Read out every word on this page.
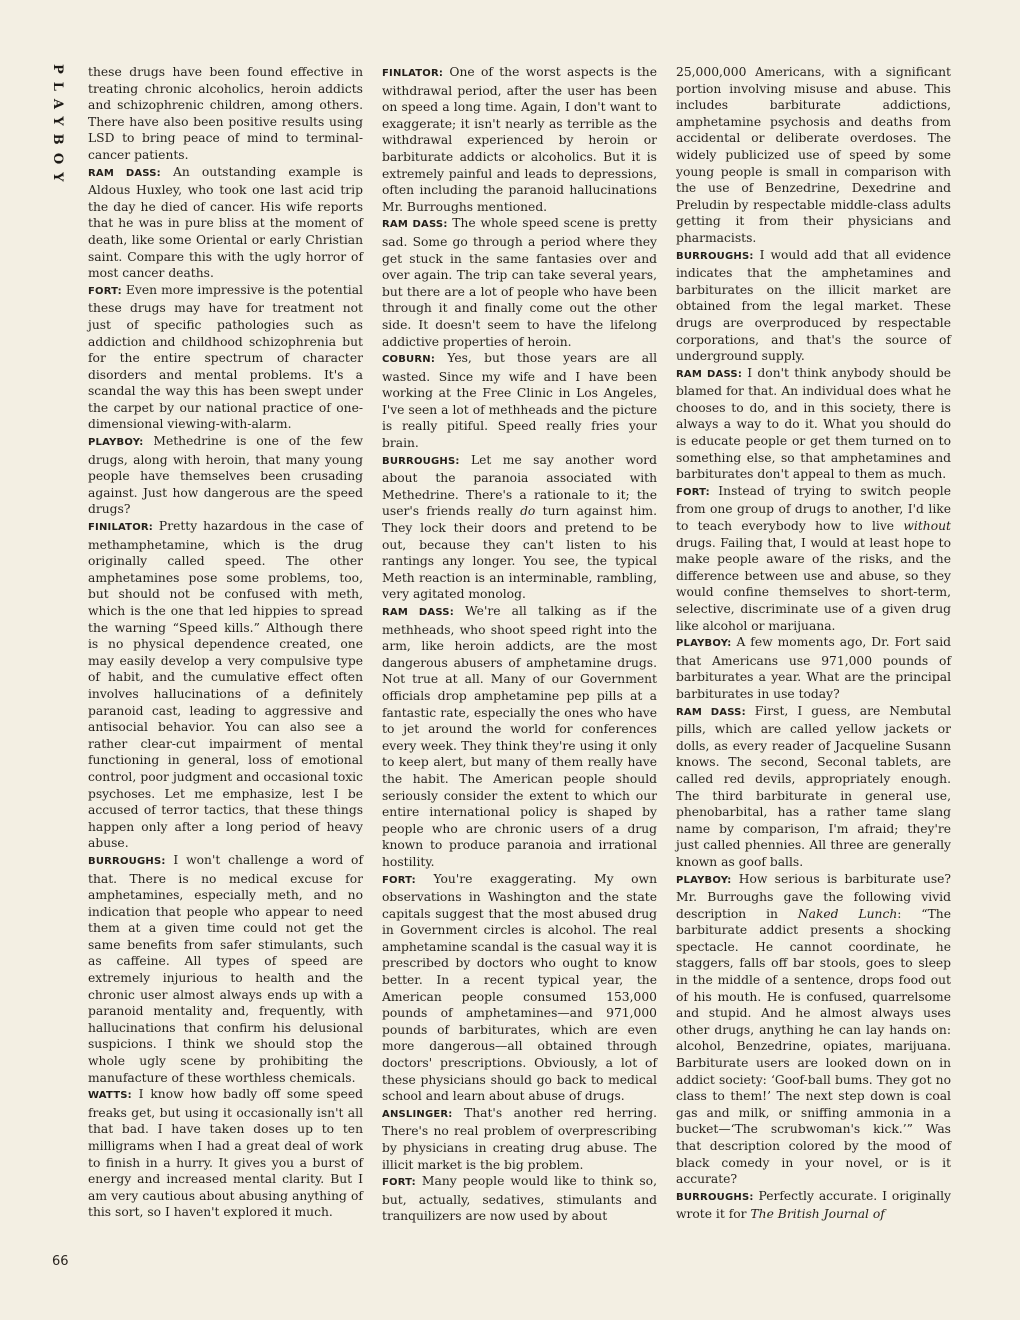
PLAYBOY
66

these drugs have been found effective in treating chronic alcoholics, heroin addicts and schizophrenic children, among others. There have also been positive results using LSD to bring peace of mind to terminal-cancer patients.

RAM DASS: An outstanding example is Aldous Huxley, who took one last acid trip the day he died of cancer. His wife reports that he was in pure bliss at the moment of death, like some Oriental or early Christian saint. Compare this with the ugly horror of most cancer deaths.

FORT: Even more impressive is the potential these drugs may have for treatment not just of specific pathologies such as addiction and childhood schizophrenia but for the entire spectrum of character disorders and mental problems. It's a scandal the way this has been swept under the carpet by our national practice of one-dimensional viewing-with-alarm.

PLAYBOY: Methedrine is one of the few drugs, along with heroin, that many young people have themselves been crusading against. Just how dangerous are the speed drugs?

FINILATOR: Pretty hazardous in the case of methamphetamine, which is the drug originally called speed. The other amphetamines pose some problems, too, but should not be confused with meth, which is the one that led hippies to spread the warning “Speed kills.” Although there is no physical dependence created, one may easily develop a very compulsive type of habit, and the cumulative effect often involves hallucinations of a definitely paranoid cast, leading to aggressive and antisocial behavior. You can also see a rather clear-cut impairment of mental functioning in general, loss of emotional control, poor judgment and occasional toxic psychoses. Let me emphasize, lest I be accused of terror tactics, that these things happen only after a long period of heavy abuse.

BURROUGHS: I won't challenge a word of that. There is no medical excuse for amphetamines, especially meth, and no indication that people who appear to need them at a given time could not get the same benefits from safer stimulants, such as caffeine. All types of speed are extremely injurious to health and the chronic user almost always ends up with a paranoid mentality and, frequently, with hallucinations that confirm his delusional suspicions. I think we should stop the whole ugly scene by prohibiting the manufacture of these worthless chemicals.

WATTS: I know how badly off some speed freaks get, but using it occasionally isn't all that bad. I have taken doses up to ten milligrams when I had a great deal of work to finish in a hurry. It gives you a burst of energy and increased mental clarity. But I am very cautious about abusing anything of this sort, so I haven't explored it much.

FINLATOR: One of the worst aspects is the withdrawal period, after the user has been on speed a long time. Again, I don't want to exaggerate; it isn't nearly as terrible as the withdrawal experienced by heroin or barbiturate addicts or alcoholics. But it is extremely painful and leads to depressions, often including the paranoid hallucinations Mr. Burroughs mentioned.

RAM DASS: The whole speed scene is pretty sad. Some go through a period where they get stuck in the same fantasies over and over again. The trip can take several years, but there are a lot of people who have been through it and finally come out the other side. It doesn't seem to have the lifelong addictive properties of heroin.

COBURN: Yes, but those years are all wasted. Since my wife and I have been working at the Free Clinic in Los Angeles, I've seen a lot of methheads and the picture is really pitiful. Speed really fries your brain.

BURROUGHS: Let me say another word about the paranoia associated with Methedrine. There's a rationale to it; the user's friends really do turn against him. They lock their doors and pretend to be out, because they can't listen to his rantings any longer. You see, the typical Meth reaction is an interminable, rambling, very agitated monolog.

RAM DASS: We're all talking as if the methheads, who shoot speed right into the arm, like heroin addicts, are the most dangerous abusers of amphetamine drugs. Not true at all. Many of our Government officials drop amphetamine pep pills at a fantastic rate, especially the ones who have to jet around the world for conferences every week. They think they're using it only to keep alert, but many of them really have the habit. The American people should seriously consider the extent to which our entire international policy is shaped by people who are chronic users of a drug known to produce paranoia and irrational hostility.

FORT: You're exaggerating. My own observations in Washington and the state capitals suggest that the most abused drug in Government circles is alcohol. The real amphetamine scandal is the casual way it is prescribed by doctors who ought to know better. In a recent typical year, the American people consumed 153,000 pounds of amphetamines—and 971,000 pounds of barbiturates, which are even more dangerous—all obtained through doctors' prescriptions. Obviously, a lot of these physicians should go back to medical school and learn about abuse of drugs.

ANSLINGER: That's another red herring. There's no real problem of overprescribing by physicians in creating drug abuse. The illicit market is the big problem.

FORT: Many people would like to think so, but, actually, sedatives, stimulants and tranquilizers are now used by about

25,000,000 Americans, with a significant portion involving misuse and abuse. This includes barbiturate addictions, amphetamine psychosis and deaths from accidental or deliberate overdoses. The widely publicized use of speed by some young people is small in comparison with the use of Benzedrine, Dexedrine and Preludin by respectable middle-class adults getting it from their physicians and pharmacists.

BURROUGHS: I would add that all evidence indicates that the amphetamines and barbiturates on the illicit market are obtained from the legal market. These drugs are overproduced by respectable corporations, and that's the source of underground supply.

RAM DASS: I don't think anybody should be blamed for that. An individual does what he chooses to do, and in this society, there is always a way to do it. What you should do is educate people or get them turned on to something else, so that amphetamines and barbiturates don't appeal to them as much.

FORT: Instead of trying to switch people from one group of drugs to another, I'd like to teach everybody how to live without drugs. Failing that, I would at least hope to make people aware of the risks, and the difference between use and abuse, so they would confine themselves to short-term, selective, discriminate use of a given drug like alcohol or marijuana.

PLAYBOY: A few moments ago, Dr. Fort said that Americans use 971,000 pounds of barbiturates a year. What are the principal barbiturates in use today?

RAM DASS: First, I guess, are Nembutal pills, which are called yellow jackets or dolls, as every reader of Jacqueline Susann knows. The second, Seconal tablets, are called red devils, appropriately enough. The third barbiturate in general use, phenobarbital, has a rather tame slang name by comparison, I'm afraid; they're just called phennies. All three are generally known as goof balls.

PLAYBOY: How serious is barbiturate use? Mr. Burroughs gave the following vivid description in Naked Lunch: “The barbiturate addict presents a shocking spectacle. He cannot coordinate, he staggers, falls off bar stools, goes to sleep in the middle of a sentence, drops food out of his mouth. He is confused, quarrelsome and stupid. And he almost always uses other drugs, anything he can lay hands on: alcohol, Benzedrine, opiates, marijuana. Barbiturate users are looked down on in addict society: ‘Goof-ball bums. They got no class to them!’ The next step down is coal gas and milk, or sniffing ammonia in a bucket—‘The scrubwoman's kick.’” Was that description colored by the mood of black comedy in your novel, or is it accurate?

BURROUGHS: Perfectly accurate. I originally wrote it for The British Journal of
